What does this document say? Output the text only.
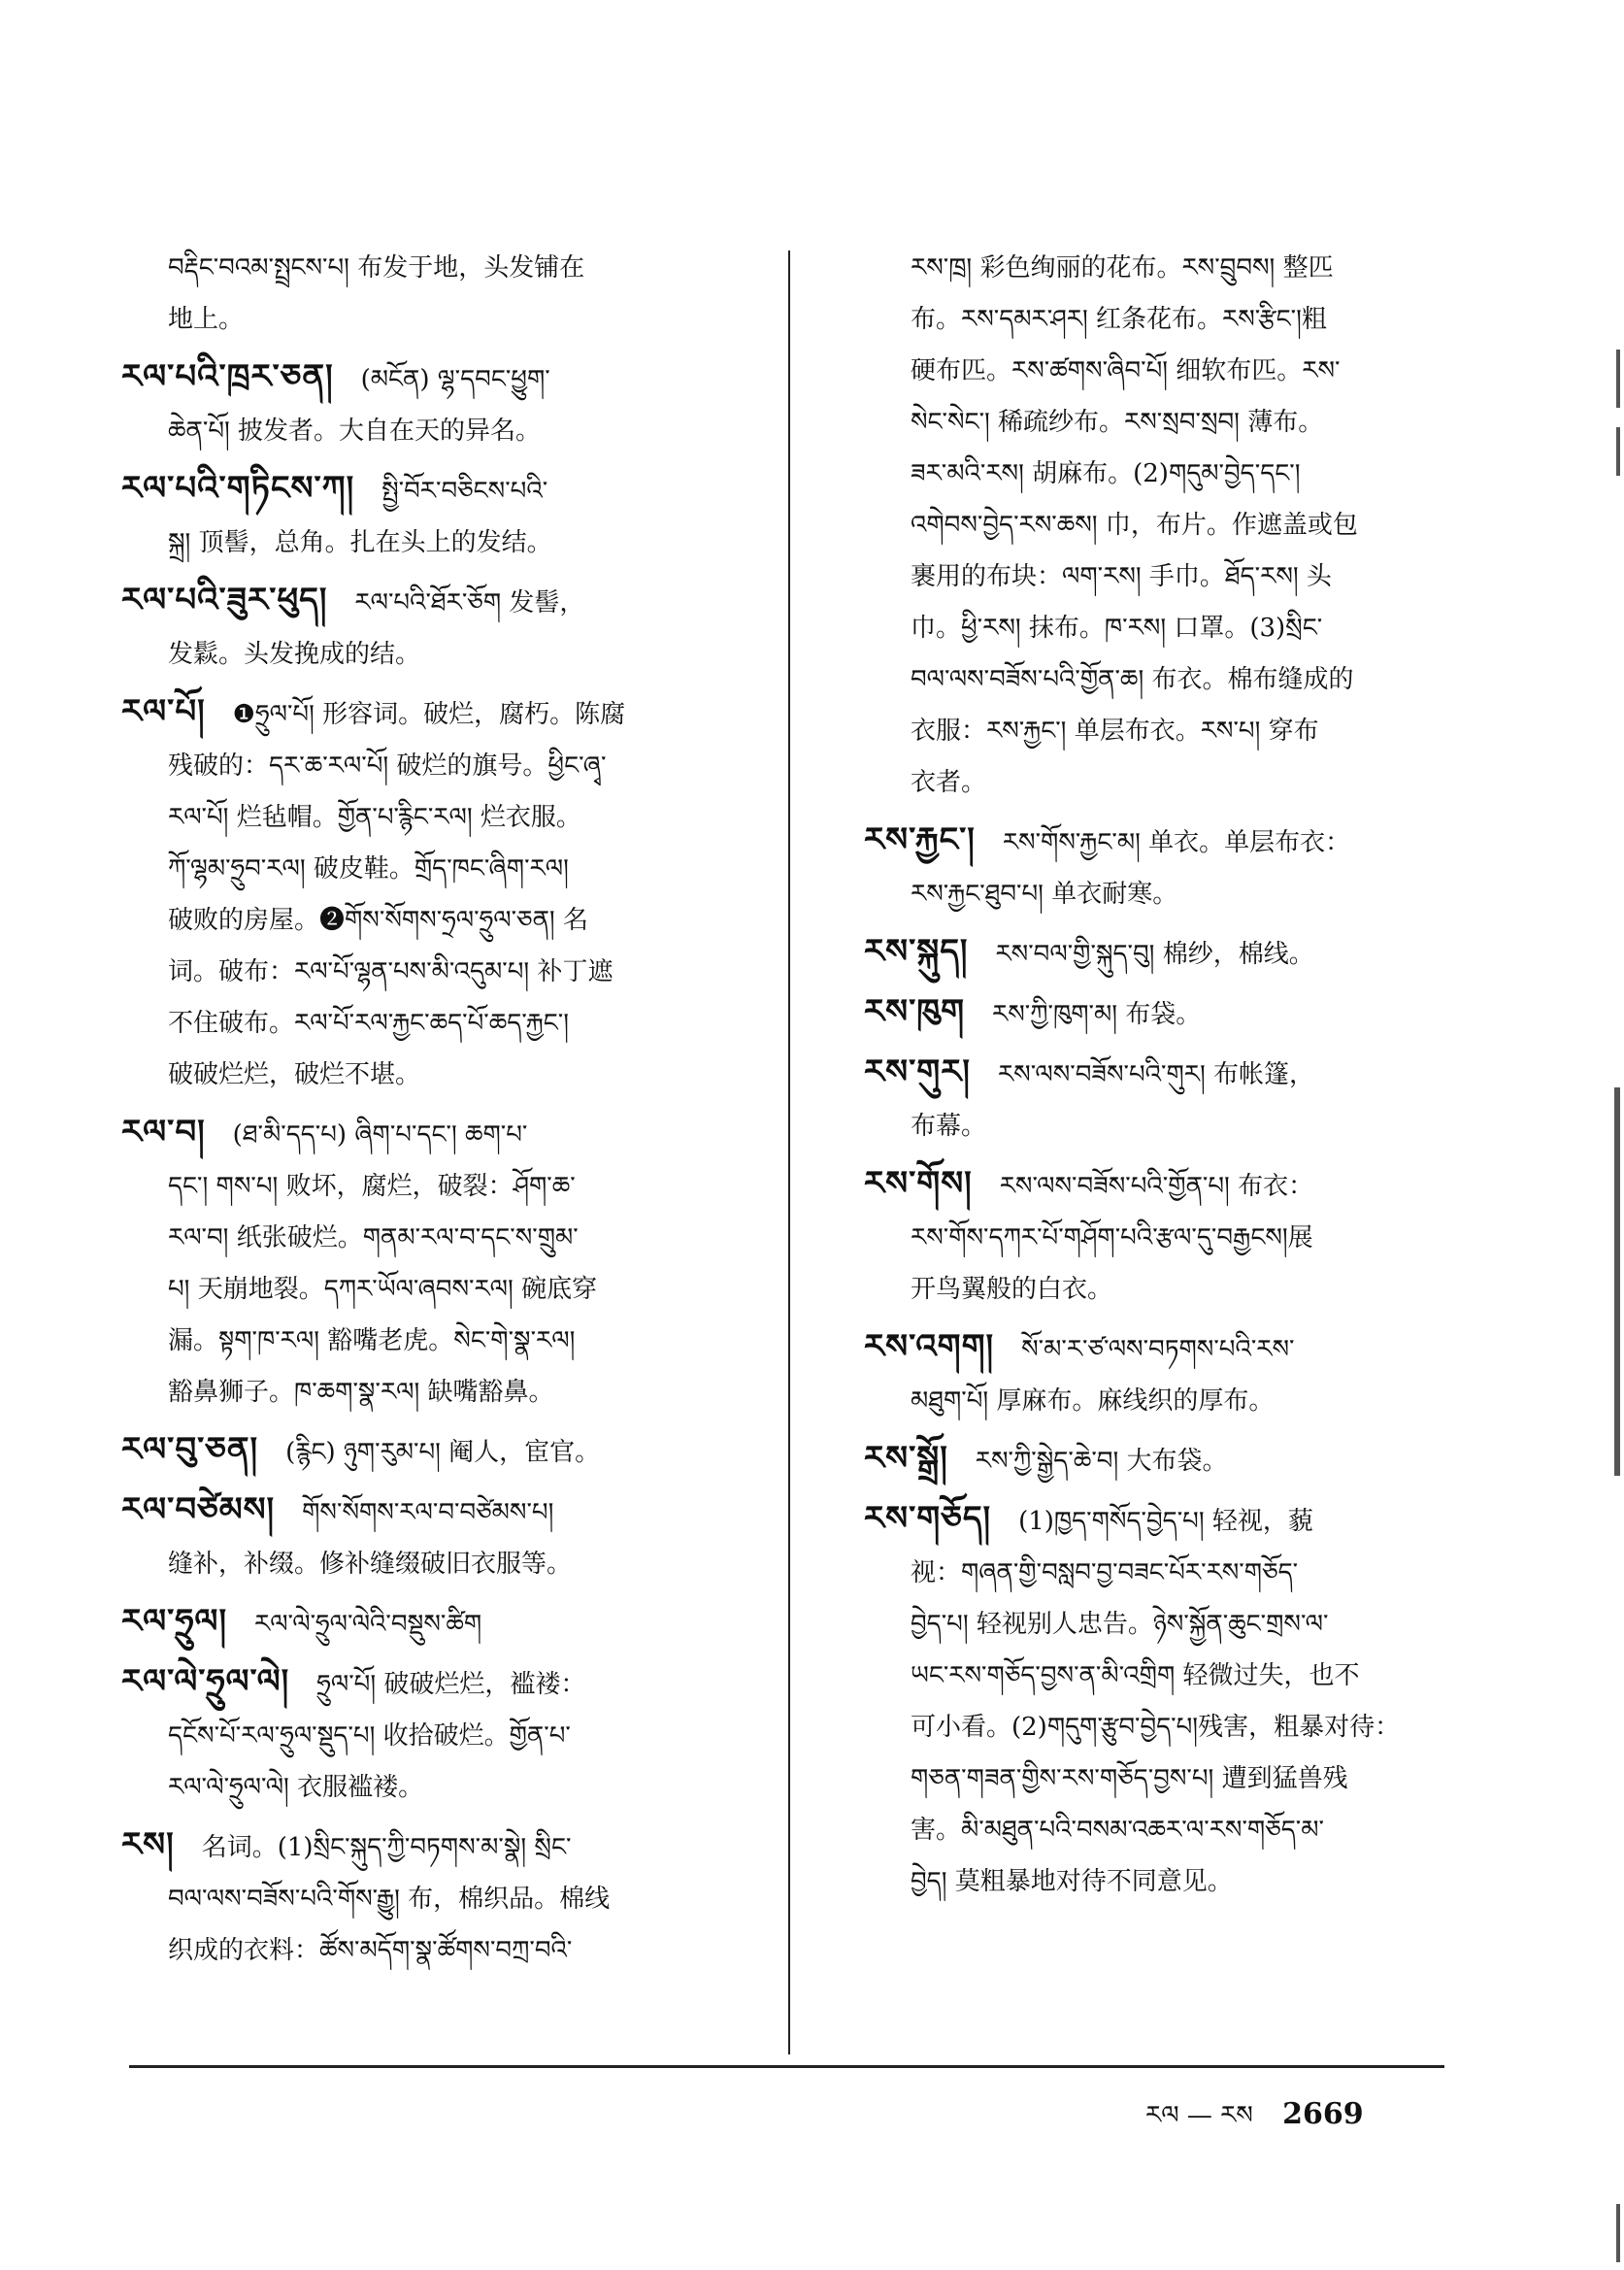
བརྡིང་བའམ་སྤྲངས་པ། 布发于地，头发铺在
地上。
རལ་པའི་ཁྲར་ཅན། (མངོན) ལྷ་དབང་ཕྱུག་
ཆེན་པོ། 披发者。大自在天的异名。
རལ་པའི་གཏིངས་ཀ། སྤྱི་བོར་བཅིངས་པའི་
སྐྲ། 顶髻，总角。扎在头上的发结。
རལ་པའི་ཟུར་ཕུད། རལ་པའི་ཐོར་ཅོག 发髻，
发鬏。头发挽成的结。
རལ་པོ། ❶ཧྲུལ་པོ། 形容词。破烂，腐朽。陈腐
残破的：དར་ཆ་རལ་པོ། 破烂的旗号。ཕྱིང་ཞྭ་
རལ་པོ། 烂毡帽。གྱོན་པ་རྙིང་རལ། 烂衣服。
ཀོ་ལྷམ་ཧྲུབ་རལ། 破皮鞋。གྲོད་ཁང་ཞིག་རལ།
破败的房屋。❷གོས་སོགས་ཧྲལ་ཧྲུལ་ཅན། 名
词。破布：རལ་པོ་ལྷན་པས་མི་འདུམ་པ། 补丁遮
不住破布。རལ་པོ་རལ་རྐྱང་ཆད་པོ་ཆད་རྐྱང་།
破破烂烂，破烂不堪。
རལ་བ། (ཐ་མི་དད་པ) ཞིག་པ་དང་། ཆག་པ་
དང་། གས་པ། 败坏，腐烂，破裂：ཤོག་ཆ་
རལ་བ། 纸张破烂。གནམ་རལ་བ་དང་ས་གྲུམ་
པ། 天崩地裂。དཀར་ཡོལ་ཞབས་རལ། 碗底穿
漏。སྟག་ཁ་རལ། 豁嘴老虎。སེང་གེ་སྣ་རལ།
豁鼻狮子。ཁ་ཆག་སྣ་རལ། 缺嘴豁鼻。
རལ་བུ་ཅན། (རྙིང) ཉུག་རུམ་པ། 阉人，宦官。
རལ་བཙེམས། གོས་སོགས་རལ་བ་བཙེམས་པ།
缝补，补缀。修补缝缀破旧衣服等。
རལ་ཧྲུལ། རལ་ལེ་ཧྲུལ་ལེའི་བསྡུས་ཚིག
རལ་ལེ་ཧྲུལ་ལེ། ཧྲུལ་པོ། 破破烂烂，褴褛：
དངོས་པོ་རལ་ཧྲུལ་སྡུད་པ། 收拾破烂。གྱོན་པ་
རལ་ལེ་ཧྲུལ་ལེ། 衣服褴褛。
རས། 名词。(1)སྲིང་སྐུད་ཀྱི་བཏགས་མ་སྣེ། སྲིང་
བལ་ལས་བཟོས་པའི་གོས་རྒྱུ། 布，棉织品。棉线
织成的衣料：ཚོས་མདོག་སྣ་ཚོགས་བཀྲ་བའི་
རས་ཁྲ། 彩色绚丽的花布。རས་བྲུབས། 整匹
布。རས་དམར་ཤར། 红条花布。རས་རྩིང་།粗
硬布匹。རས་ཚགས་ཞིབ་པོ། 细软布匹。རས་
སེང་སེང་། 稀疏纱布。རས་སྲབ་སྲབ། 薄布。
ཟར་མའི་རས། 胡麻布。(2)གདུམ་བྱེད་དང་།
འགེབས་བྱེད་རས་ཆས། 巾，布片。作遮盖或包
裹用的布块：ལག་རས། 手巾。ཐོད་རས། 头
巾。ཕྱི་རས། 抹布。ཁ་རས། 口罩。(3)སྲིང་
བལ་ལས་བཟོས་པའི་གྱོན་ཆ། 布衣。棉布缝成的
衣服：རས་རྐྱང་། 单层布衣。རས་པ། 穿布
衣者。
རས་རྐྱང་། རས་གོས་རྐྱང་མ། 单衣。单层布衣：
རས་རྐྱང་ཐུབ་པ། 单衣耐寒。
རས་སྐུད། རས་བལ་གྱི་སྐུད་བུ། 棉纱，棉线。
རས་ཁུག རས་ཀྱི་ཁུག་མ། 布袋。
རས་གུར། རས་ལས་བཟོས་པའི་གུར། 布帐篷，
布幕。
རས་གོས། རས་ལས་བཟོས་པའི་གྱོན་པ། 布衣：
རས་གོས་དཀར་པོ་གཤོག་པའི་རྩལ་དུ་བརྒྱངས།展
开鸟翼般的白衣。
རས་འགག། སོ་མ་ར་ཙ་ལས་བཏགས་པའི་རས་
མཐུག་པོ། 厚麻布。麻线织的厚布。
རས་སྒྲོ། རས་ཀྱི་སྒྱེད་ཆེ་བ། 大布袋。
རས་གཅོད། (1)ཁྱད་གསོད་བྱེད་པ། 轻视，藐
视：གཞན་གྱི་བསླབ་བྱ་བཟང་པོར་རས་གཅོད་
བྱེད་པ། 轻视别人忠告。ཉེས་སྐྱོན་ཆུང་གྲས་ལ་
ཡང་རས་གཅོད་བྱས་ན་མི་འགྲིག 轻微过失，也不
可小看。(2)གདུག་རྩུབ་བྱེད་པ།残害，粗暴对待：
གཅན་གཟན་གྱིས་རས་གཅོད་བྱས་པ། 遭到猛兽残
害。མི་མཐུན་པའི་བསམ་འཆར་ལ་རས་གཅོད་མ་
བྱེད། 莫粗暴地对待不同意见。
རལ — རས 2669
